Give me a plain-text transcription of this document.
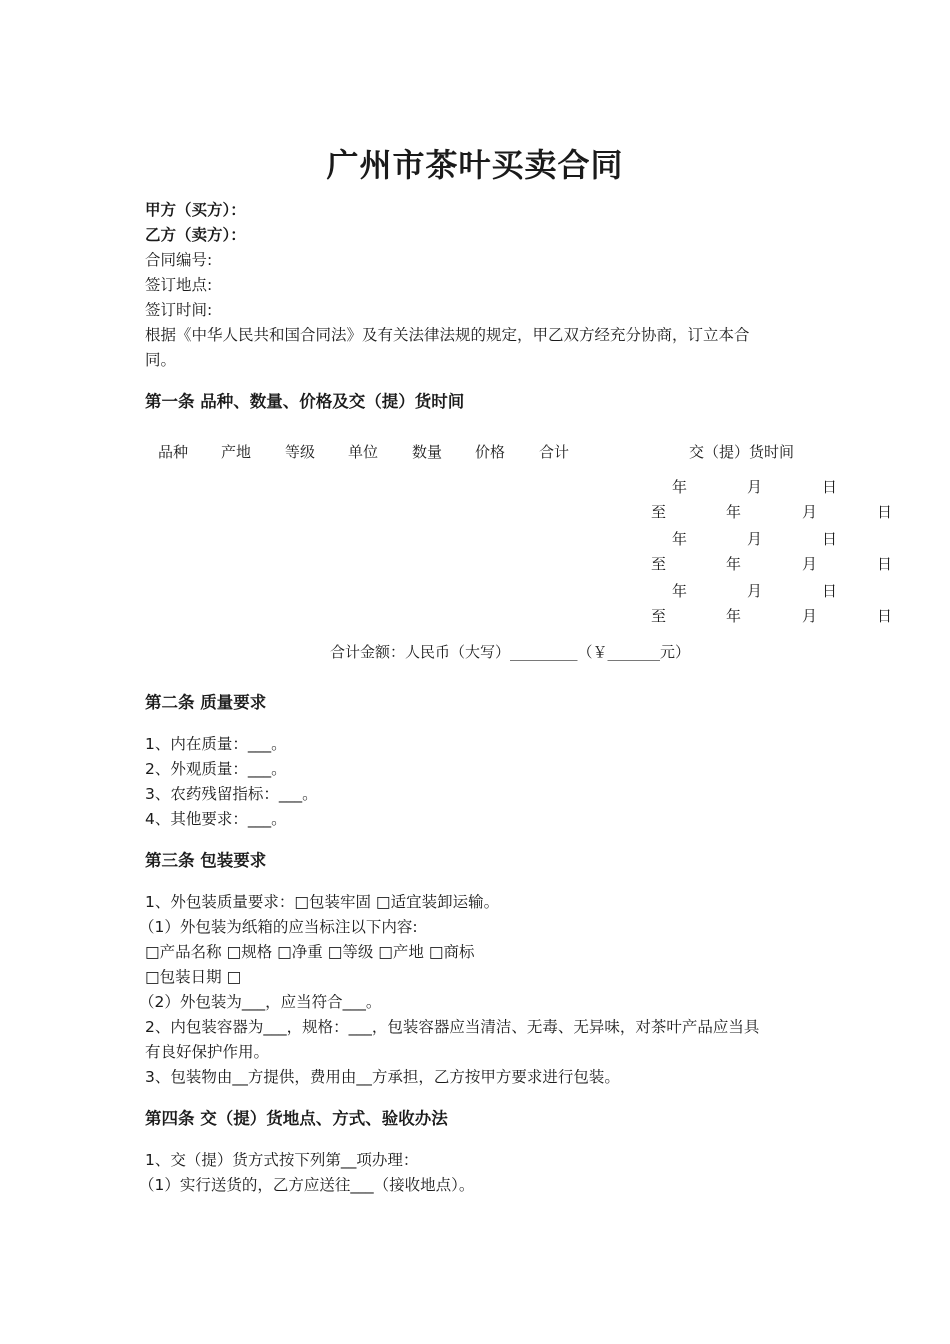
广州市茶叶买卖合同
甲方（买方）：
乙方（卖方）：
合同编号:
签订地点:
签订时间:
根据《中华人民共和国合同法》及有关法律法规的规定，甲乙双方经充分协商，订立本合
同。
第一条 品种、数量、价格及交（提）货时间
品种 产地 等级 单位 数量 价格 合计	交（提）货时间
年	月	日
至	年	月	日
年	月	日
至	年	月	日
年	月	日
至	年	月	日
合计金额：人民币（大写）_________（￥_______元）
第二条 质量要求
1、内在质量：___。
2、外观质量：___。
3、农药残留指标：___。
4、其他要求：___。
第三条 包装要求
1、外包装质量要求：□包装牢固 □适宜装卸运输。
（1）外包装为纸箱的应当标注以下内容:
□产品名称 □规格 □净重 □等级 □产地 □商标
□包装日期 □
（2）外包装为___，应当符合___。
2、内包装容器为___，规格：___，包装容器应当清洁、无毒、无异味，对茶叶产品应当具
有良好保护作用。
3、包装物由__方提供，费用由__方承担，乙方按甲方要求进行包装。
第四条 交（提）货地点、方式、验收办法
1、交（提）货方式按下列第__项办理：
（1）实行送货的，乙方应送往___（接收地点）。
